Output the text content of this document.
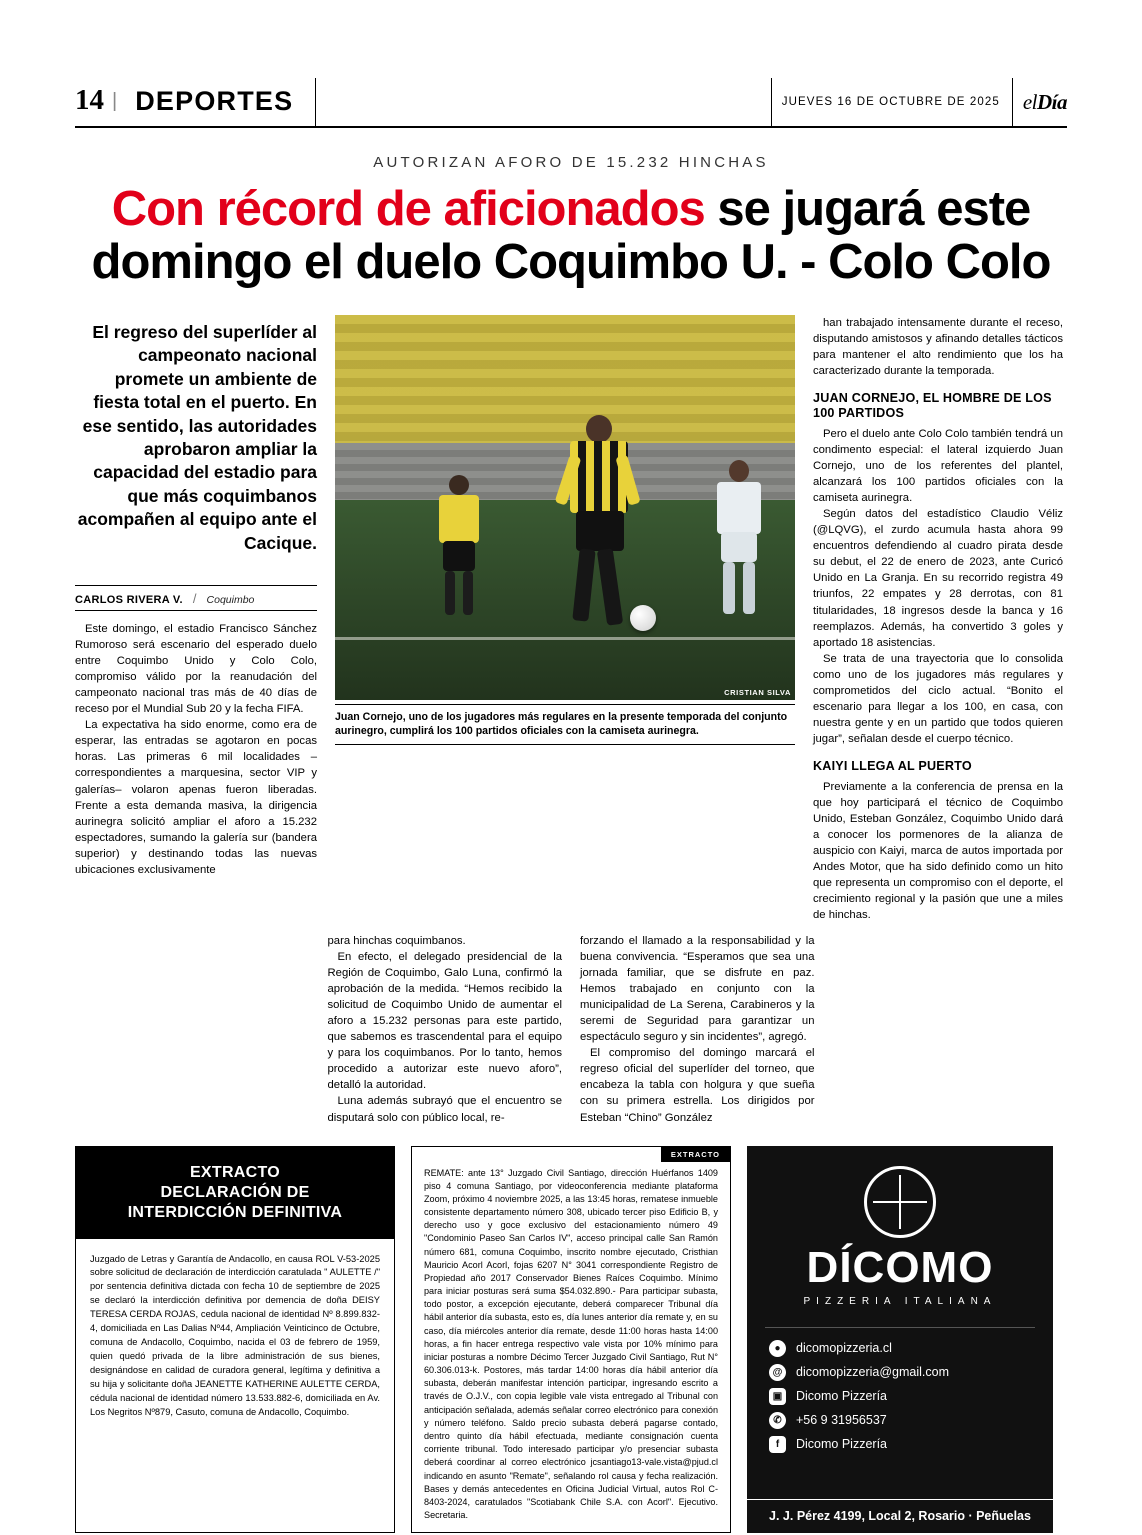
14 | DEPORTES	JUEVES 16 DE OCTUBRE DE 2025	elDía
AUTORIZAN AFORO DE 15.232 HINCHAS
Con récord de aficionados se jugará este
domingo el duelo Coquimbo U. - Colo Colo
El regreso del superlíder al campeonato nacional promete un ambiente de fiesta total en el puerto. En ese sentido, las autoridades aprobaron ampliar la capacidad del estadio para que más coquimbanos acompañen al equipo ante el Cacique.
CARLOS RIVERA V. / Coquimbo

Este domingo, el estadio Francisco Sánchez Rumoroso será escenario del esperado duelo entre Coquimbo Unido y Colo Colo, compromiso válido por la reanudación del campeonato nacional tras más de 40 días de receso por el Mundial Sub 20 y la fecha FIFA.

La expectativa ha sido enorme, como era de esperar, las entradas se agotaron en pocas horas. Las primeras 6 mil localidades –correspondientes a marquesina, sector VIP y galerías– volaron apenas fueron liberadas. Frente a esta demanda masiva, la dirigencia aurinegra solicitó ampliar el aforo a 15.232 espectadores, sumando la galería sur (bandera superior) y destinando todas las nuevas ubicaciones exclusivamente

CRISTIAN SILVA
Juan Cornejo, uno de los jugadores más regulares en la presente temporada del conjunto aurinegro, cumplirá los 100 partidos oficiales con la camiseta aurinegra.

han trabajado intensamente durante el receso, disputando amistosos y afinando detalles tácticos para mantener el alto rendimiento que los ha caracterizado durante la temporada.

JUAN CORNEJO, EL HOMBRE DE LOS 100 PARTIDOS

Pero el duelo ante Colo Colo también tendrá un condimento especial: el lateral izquierdo Juan Cornejo, uno de los referentes del plantel, alcanzará los 100 partidos oficiales con la camiseta aurinegra.

Según datos del estadístico Claudio Véliz (@LQVG), el zurdo acumula hasta ahora 99 encuentros defendiendo al cuadro pirata desde su debut, el 22 de enero de 2023, ante Curicó Unido en La Granja. En su recorrido registra 49 triunfos, 22 empates y 28 derrotas, con 81 titularidades, 18 ingresos desde la banca y 16 reemplazos. Además, ha convertido 3 goles y aportado 18 asistencias.

Se trata de una trayectoria que lo consolida como uno de los jugadores más regulares y comprometidos del ciclo actual. “Bonito el escenario para llegar a los 100, en casa, con nuestra gente y en un partido que todos quieren jugar”, señalan desde el cuerpo técnico.

KAIYI LLEGA AL PUERTO

Previamente a la conferencia de prensa en la que hoy participará el técnico de Coquimbo Unido, Esteban González, Coquimbo Unido dará a conocer los pormenores de la alianza de auspicio con Kaiyi, marca de autos importada por Andes Motor, que ha sido definido como un hito que representa un compromiso con el deporte, el crecimiento regional y la pasión que une a miles de hinchas.

para hinchas coquimbanos.

En efecto, el delegado presidencial de la Región de Coquimbo, Galo Luna, confirmó la aprobación de la medida. “Hemos recibido la solicitud de Coquimbo Unido de aumentar el aforo a 15.232 personas para este partido, que sabemos es trascendental para el equipo y para los coquimbanos. Por lo tanto, hemos procedido a autorizar este nuevo aforo”, detalló la autoridad.

Luna además subrayó que el encuentro se disputará solo con público local, re-

forzando el llamado a la responsabilidad y la buena convivencia. “Esperamos que sea una jornada familiar, que se disfrute en paz. Hemos trabajado en conjunto con la municipalidad de La Serena, Carabineros y la seremi de Seguridad para garantizar un espectáculo seguro y sin incidentes”, agregó.

El compromiso del domingo marcará el regreso oficial del superlíder del torneo, que encabeza la tabla con holgura y que sueña con su primera estrella. Los dirigidos por Esteban “Chino” González

EXTRACTO
DECLARACIÓN DE
INTERDICCIÓN DEFINITIVA
Juzgado de Letras y Garantía de Andacollo, en causa ROL V-53-2025 sobre solicitud de declaración de interdicción caratulada " AULETTE /" por sentencia definitiva dictada con fecha 10 de septiembre de 2025 se declaró la interdicción definitiva por demencia de doña DEISY TERESA CERDA ROJAS, cedula nacional de identidad Nº 8.899.832-4, domiciliada en Las Dalias Nº44, Ampliación Veinticinco de Octubre, comuna de Andacollo, Coquimbo, nacida el 03 de febrero de 1959, quien quedó privada de la libre administración de sus bienes, designándose en calidad de curadora general, legítima y definitiva a su hija y solicitante doña JEANETTE KATHERINE AULETTE CERDA, cédula nacional de identidad número 13.533.882-6, domiciliada en Av. Los Negritos Nº879, Casuto, comuna de Andacollo, Coquimbo.
EXTRACTO
REMATE: ante 13° Juzgado Civil Santiago, dirección Huérfanos 1409 piso 4 comuna Santiago, por videoconferencia mediante plataforma Zoom, próximo 4 noviembre 2025, a las 13:45 horas, rematese inmueble consistente departamento número 308, ubicado tercer piso Edificio B, y derecho uso y goce exclusivo del estacionamiento número 49 "Condominio Paseo San Carlos IV", acceso principal calle San Ramón número 681, comuna Coquimbo, inscrito nombre ejecutado, Cristhian Mauricio Acorl Acorl, fojas 6207 N° 3041 correspondiente Registro de Propiedad año 2017 Conservador Bienes Raíces Coquimbo. Mínimo para iniciar posturas será suma $54.032.890.- Para participar subasta, todo postor, a excepción ejecutante, deberá comparecer Tribunal día hábil anterior día subasta, esto es, día lunes anterior día remate y, en su caso, día miércoles anterior día remate, desde 11:00 horas hasta 14:00 horas, a fin hacer entrega respectivo vale vista por 10% mínimo para iniciar posturas a nombre Décimo Tercer Juzgado Civil Santiago, Rut N° 60.306.013-k. Postores, más tardar 14:00 horas día hábil anterior día subasta, deberán manifestar intención participar, ingresando escrito a través de O.J.V., con copia legible vale vista entregado al Tribunal con anticipación señalada, además señalar correo electrónico para conexión y número teléfono. Saldo precio subasta deberá pagarse contado, dentro quinto día hábil efectuada, mediante consignación cuenta corriente tribunal. Todo interesado participar y/o presenciar subasta deberá coordinar al correo electrónico jcsantiago13-vale.vista@pjud.cl indicando en asunto "Remate", señalando rol causa y fecha realización. Bases y demás antecedentes en Oficina Judicial Virtual, autos Rol C-8403-2024, caratulados "Scotiabank Chile S.A. con Acorl". Ejecutivo. Secretaria.
DÍCOMO
PIZZERIA ITALIANA
●	dicomopizzeria.cl
@ dicomopizzeria@gmail.com
▣	Dicomo Pizzería
✆	+56 9 31956537
f	Dicomo Pizzería
J. J. Pérez 4199, Local 2, Rosario · Peñuelas
